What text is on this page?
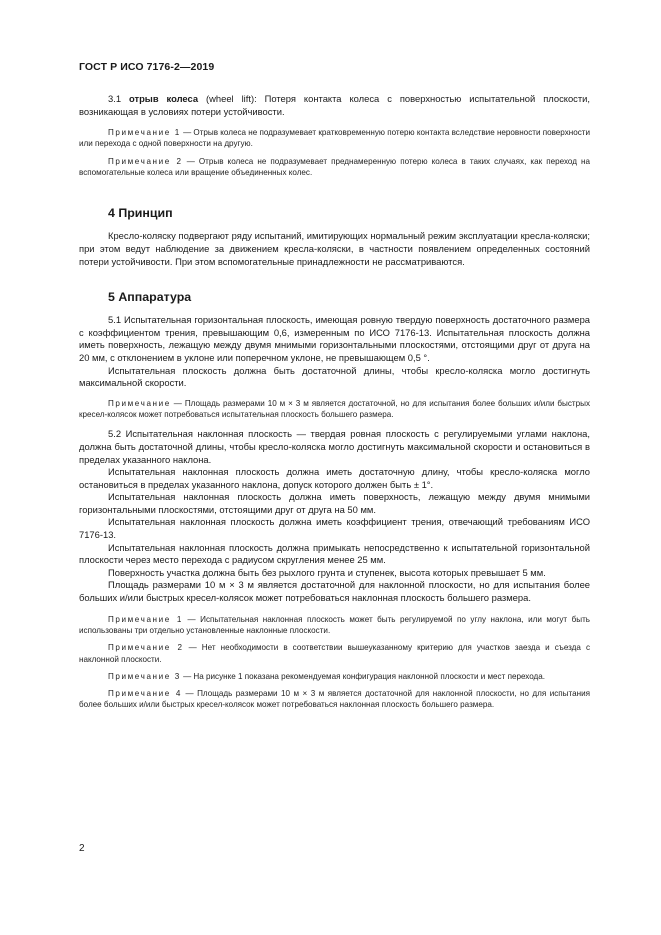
ГОСТ Р ИСО 7176-2—2019

3.1 отрыв колеса (wheel lift): Потеря контакта колеса с поверхностью испытательной плоскости, возникающая в условиях потери устойчивости.

Примечание 1 — Отрыв колеса не подразумевает кратковременную потерю контакта вследствие неровности поверхности или перехода с одной поверхности на другую.

Примечание 2 — Отрыв колеса не подразумевает преднамеренную потерю колеса в таких случаях, как переход на вспомогательные колеса или вращение объединенных колес.

4 Принцип

Кресло-коляску подвергают ряду испытаний, имитирующих нормальный режим эксплуатации кресла-коляски; при этом ведут наблюдение за движением кресла-коляски, в частности появлением определенных состояний потери устойчивости. При этом вспомогательные принадлежности не рассматриваются.

5 Аппаратура

5.1 Испытательная горизонтальная плоскость, имеющая ровную твердую поверхность достаточного размера с коэффициентом трения, превышающим 0,6, измеренным по ИСО 7176-13. Испытательная плоскость должна иметь поверхность, лежащую между двумя мнимыми горизонтальными плоскостями, отстоящими друг от друга на 20 мм, с отклонением в уклоне или поперечном уклоне, не превышающем 0,5 °.

Испытательная плоскость должна быть достаточной длины, чтобы кресло-коляска могло достигнуть максимальной скорости.

Примечание — Площадь размерами 10 м × 3 м является достаточной, но для испытания более больших и/или быстрых кресел-колясок может потребоваться испытательная плоскость большего размера.

5.2 Испытательная наклонная плоскость — твердая ровная плоскость с регулируемыми углами наклона, должна быть достаточной длины, чтобы кресло-коляска могло достигнуть максимальной скорости и остановиться в пределах указанного наклона.

Испытательная наклонная плоскость должна иметь достаточную длину, чтобы кресло-коляска могло остановиться в пределах указанного наклона, допуск которого должен быть ± 1°.

Испытательная наклонная плоскость должна иметь поверхность, лежащую между двумя мнимыми горизонтальными плоскостями, отстоящими друг от друга на 50 мм.

Испытательная наклонная плоскость должна иметь коэффициент трения, отвечающий требованиям ИСО 7176-13.

Испытательная наклонная плоскость должна примыкать непосредственно к испытательной горизонтальной плоскости через место перехода с радиусом скругления менее 25 мм.

Поверхность участка должна быть без рыхлого грунта и ступенек, высота которых превышает 5 мм.

Площадь размерами 10 м × 3 м является достаточной для наклонной плоскости, но для испытания более больших и/или быстрых кресел-колясок может потребоваться наклонная плоскость большего размера.

Примечание 1 — Испытательная наклонная плоскость может быть регулируемой по углу наклона, или могут быть использованы три отдельно установленные наклонные плоскости.

Примечание 2 — Нет необходимости в соответствии вышеуказанному критерию для участков заезда и съезда с наклонной плоскости.

Примечание 3 — На рисунке 1 показана рекомендуемая конфигурация наклонной плоскости и мест перехода.

Примечание 4 — Площадь размерами 10 м × 3 м является достаточной для наклонной плоскости, но для испытания более больших и/или быстрых кресел-колясок может потребоваться наклонная плоскость большего размера.

2
